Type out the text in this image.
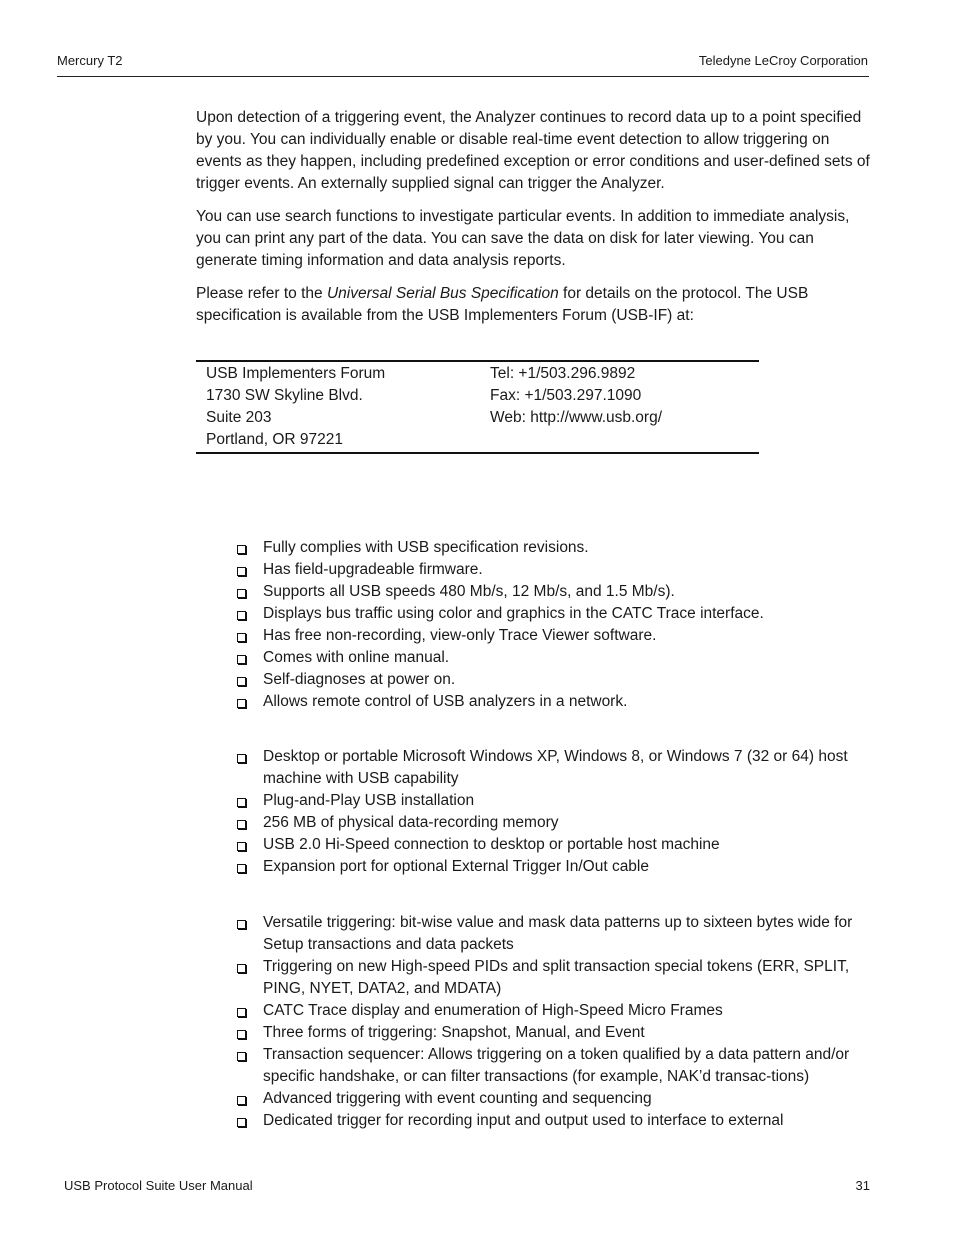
Mercury T2	Teledyne LeCroy Corporation

Upon detection of a triggering event, the Analyzer continues to record data up to a point specified by you. You can individually enable or disable real-time event detection to allow triggering on events as they happen, including predefined exception or error conditions and user-defined sets of trigger events. An externally supplied signal can trigger the Analyzer.

You can use search functions to investigate particular events. In addition to immediate analysis, you can print any part of the data. You can save the data on disk for later viewing. You can generate timing information and data analysis reports.

Please refer to the Universal Serial Bus Specification for details on the protocol. The USB specification is available from the USB Implementers Forum (USB-IF) at:

USB Implementers Forum
1730 SW Skyline Blvd.
Suite 203
Portland, OR 97221
Tel: +1/503.296.9892
Fax: +1/503.297.1090
Web: http://www.usb.org/
Fully complies with USB specification revisions.
Has field-upgradeable firmware.
Supports all USB speeds 480 Mb/s, 12 Mb/s, and 1.5 Mb/s).
Displays bus traffic using color and graphics in the CATC Trace interface.
Has free non-recording, view-only Trace Viewer software.
Comes with online manual.
Self-diagnoses at power on.
Allows remote control of USB analyzers in a network.
Desktop or portable Microsoft Windows XP, Windows 8, or Windows 7 (32 or 64) host machine with USB capability
Plug-and-Play USB installation
256 MB of physical data-recording memory
USB 2.0 Hi-Speed connection to desktop or portable host machine
Expansion port for optional External Trigger In/Out cable
Versatile triggering: bit-wise value and mask data patterns up to sixteen bytes wide for Setup transactions and data packets
Triggering on new High-speed PIDs and split transaction special tokens (ERR, SPLIT, PING, NYET, DATA2, and MDATA)
CATC Trace display and enumeration of High-Speed Micro Frames
Three forms of triggering: Snapshot, Manual, and Event
Transaction sequencer: Allows triggering on a token qualified by a data pattern and/or specific handshake, or can filter transactions (for example, NAK’d transac-tions)
Advanced triggering with event counting and sequencing
Dedicated trigger for recording input and output used to interface to external
USB Protocol Suite User Manual	31
